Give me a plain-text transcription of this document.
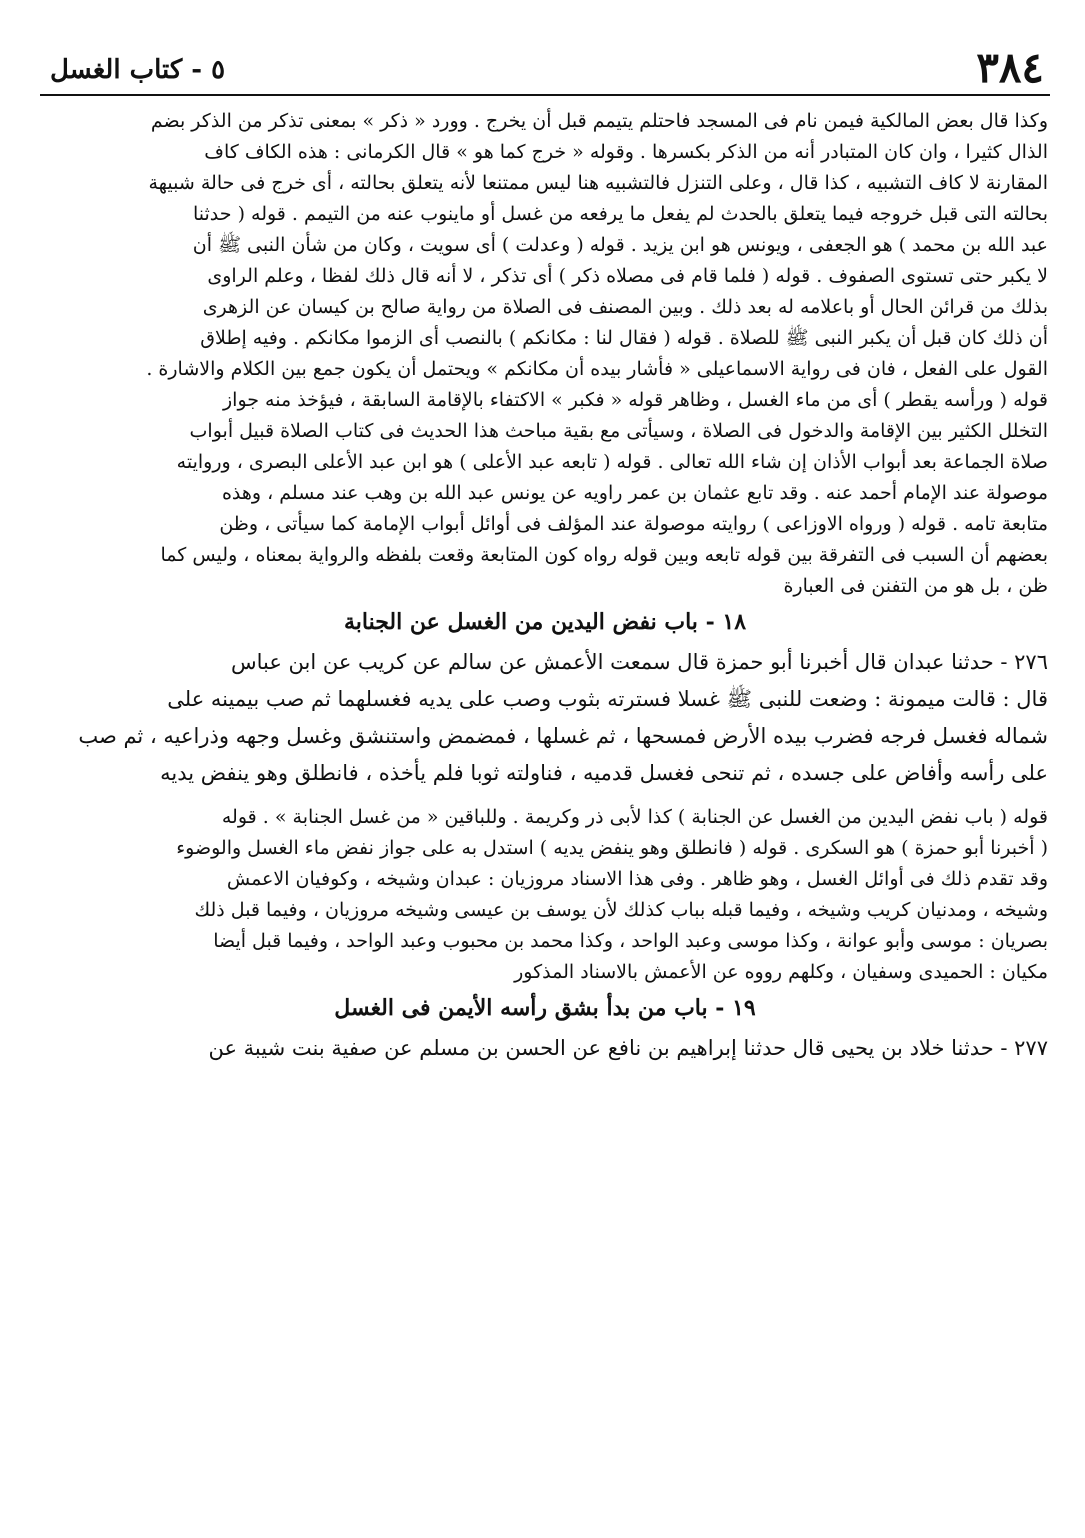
٣٨٤
٥ - كتاب الغسل
وكذا قال بعض المالكية فيمن نام فى المسجد فاحتلم يتيمم قبل أن يخرج . وورد « ذكر » بمعنى تذكر من الذكر بضم
الذال كثيرا ، وان كان المتبادر أنه من الذكر بكسرها . وقوله « خرج كما هو » قال الكرمانى : هذه الكاف كاف
المقارنة لا كاف التشبيه ، كذا قال ، وعلى التنزل فالتشبيه هنا ليس ممتنعا لأنه يتعلق بحالته ، أى خرج فى حالة شبيهة
بحالته التى قبل خروجه فيما يتعلق بالحدث لم يفعل ما يرفعه من غسل أو ماينوب عنه من التيمم . قوله ( حدثنا
عبد الله بن محمد ) هو الجعفى ، ويونس هو ابن يزيد . قوله ( وعدلت ) أى سويت ، وكان من شأن النبى ﷺ أن
لا يكبر حتى تستوى الصفوف . قوله ( فلما قام فى مصلاه ذكر ) أى تذكر ، لا أنه قال ذلك لفظا ، وعلم الراوى
بذلك من قرائن الحال أو باعلامه له بعد ذلك . وبين المصنف فى الصلاة من رواية صالح بن كيسان عن الزهرى
أن ذلك كان قبل أن يكبر النبى ﷺ للصلاة . قوله ( فقال لنا : مكانكم ) بالنصب أى الزموا مكانكم . وفيه إطلاق
القول على الفعل ، فان فى رواية الاسماعيلى « فأشار بيده أن مكانكم » ويحتمل أن يكون جمع بين الكلام والاشارة .
قوله ( ورأسه يقطر ) أى من ماء الغسل ، وظاهر قوله « فكبر » الاكتفاء بالإقامة السابقة ، فيؤخذ منه جواز
التخلل الكثير بين الإقامة والدخول فى الصلاة ، وسيأتى مع بقية مباحث هذا الحديث فى كتاب الصلاة قبيل أبواب
صلاة الجماعة بعد أبواب الأذان إن شاء الله تعالى . قوله ( تابعه عبد الأعلى ) هو ابن عبد الأعلى البصرى ، وروايته
موصولة عند الإمام أحمد عنه . وقد تابع عثمان بن عمر راويه عن يونس عبد الله بن وهب عند مسلم ، وهذه
متابعة تامه . قوله ( ورواه الاوزاعى ) روايته موصولة عند المؤلف فى أوائل أبواب الإمامة كما سيأتى ، وظن
بعضهم أن السبب فى التفرقة بين قوله تابعه وبين قوله رواه كون المتابعة وقعت بلفظه والرواية بمعناه ، وليس كما
ظن ، بل هو من التفنن فى العبارة
١٨ - باب نفض اليدين من الغسل عن الجنابة
٢٧٦ - حدثنا عبدان قال أخبرنا أبو حمزة قال سمعت الأعمش عن سالم عن كريب عن ابن عباس
قال : قالت ميمونة : وضعت للنبى ﷺ غسلا فسترته بثوب وصب على يديه فغسلهما ثم صب بيمينه على
شماله فغسل فرجه فضرب بيده الأرض فمسحها ، ثم غسلها ، فمضمض واستنشق وغسل وجهه وذراعيه ، ثم صب
على رأسه وأفاض على جسده ، ثم تنحى فغسل قدميه ، فناولته ثوبا فلم يأخذه ، فانطلق وهو ينفض يديه
قوله ( باب نفض اليدين من الغسل عن الجنابة ) كذا لأبى ذر وكريمة . وللباقين « من غسل الجنابة » . قوله
( أخبرنا أبو حمزة ) هو السكرى . قوله ( فانطلق وهو ينفض يديه ) استدل به على جواز نفض ماء الغسل والوضوء
وقد تقدم ذلك فى أوائل الغسل ، وهو ظاهر . وفى هذا الاسناد مروزيان : عبدان وشيخه ، وكوفيان الاعمش
وشيخه ، ومدنيان كريب وشيخه ، وفيما قبله بباب كذلك لأن يوسف بن عيسى وشيخه مروزيان ، وفيما قبل ذلك
بصريان : موسى وأبو عوانة ، وكذا موسى وعبد الواحد ، وكذا محمد بن محبوب وعبد الواحد ، وفيما قبل أيضا
مكيان : الحميدى وسفيان ، وكلهم رووه عن الأعمش بالاسناد المذكور
١٩ - باب من بدأ بشق رأسه الأيمن فى الغسل
٢٧٧ - حدثنا خلاد بن يحيى قال حدثنا إبراهيم بن نافع عن الحسن بن مسلم عن صفية بنت شيبة عن
